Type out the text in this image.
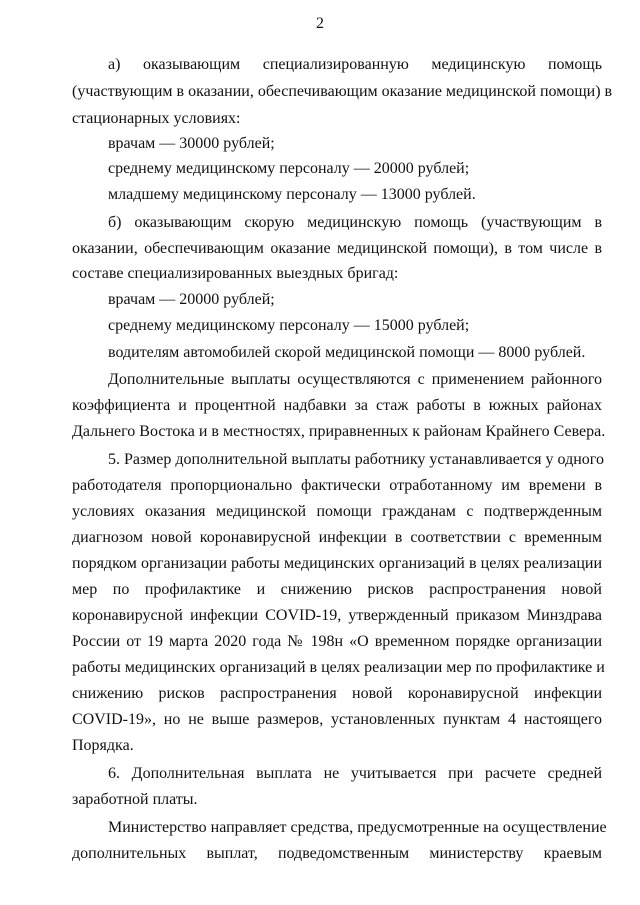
2
а) оказывающим специализированную медицинскую помощь
(участвующим в оказании, обеспечивающим оказание медицинской помощи) в
стационарных условиях:
врачам — 30000 рублей;
среднему медицинскому персоналу — 20000 рублей;
младшему медицинскому персоналу — 13000 рублей.
б) оказывающим скорую медицинскую помощь (участвующим в
оказании, обеспечивающим оказание медицинской помощи), в том числе в
составе специализированных выездных бригад:
врачам — 20000 рублей;
среднему медицинскому персоналу — 15000 рублей;
водителям автомобилей скорой медицинской помощи — 8000 рублей.
Дополнительные выплаты осуществляются с применением районного
коэффициента и процентной надбавки за стаж работы в южных районах
Дальнего Востока и в местностях, приравненных к районам Крайнего Севера.
5. Размер дополнительной выплаты работнику устанавливается у одного
работодателя пропорционально фактически отработанному им времени в
условиях оказания медицинской помощи гражданам с подтвержденным
диагнозом новой коронавирусной инфекции в соответствии с временным
порядком организации работы медицинских организаций в целях реализации
мер по профилактике и снижению рисков распространения новой
коронавирусной инфекции COVID-19, утвержденный приказом Минздрава
России от 19 марта 2020 года № 198н «О временном порядке организации
работы медицинских организаций в целях реализации мер по профилактике и
снижению рисков распространения новой коронавирусной инфекции
COVID-19», но не выше размеров, установленных пунктам 4 настоящего
Порядка.
6. Дополнительная выплата не учитывается при расчете средней
заработной платы.
Министерство направляет средства, предусмотренные на осуществление
дополнительных выплат, подведомственным министерству краевым
